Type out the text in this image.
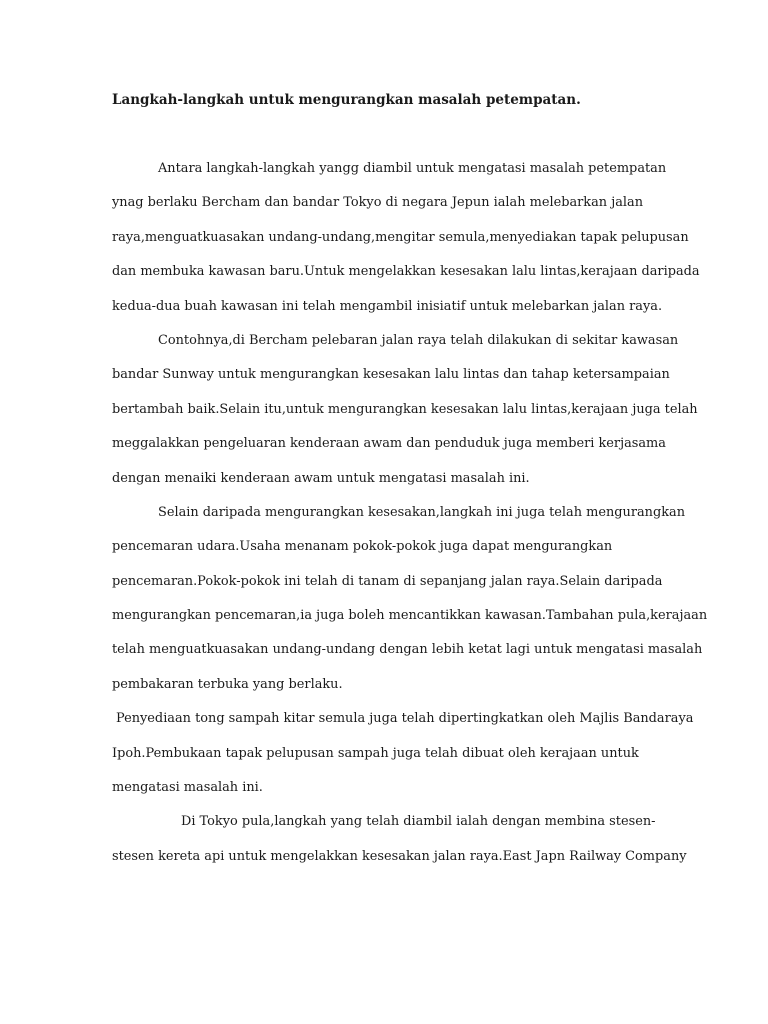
Langkah-langkah untuk mengurangkan masalah petempatan.

Antara langkah-langkah yangg diambil untuk mengatasi masalah petempatan
ynag berlaku Bercham dan bandar Tokyo di negara Jepun ialah melebarkan jalan
raya,menguatkuasakan undang-undang,mengitar semula,menyediakan tapak pelupusan
dan membuka kawasan baru.Untuk mengelakkan kesesakan lalu lintas,kerajaan daripada
kedua-dua buah kawasan ini telah mengambil inisiatif untuk melebarkan jalan raya.
Contohnya,di Bercham pelebaran jalan raya telah dilakukan di sekitar kawasan
bandar Sunway untuk mengurangkan kesesakan lalu lintas dan tahap ketersampaian
bertambah baik.Selain itu,untuk mengurangkan kesesakan lalu lintas,kerajaan juga telah
meggalakkan pengeluaran kenderaan awam dan penduduk juga memberi kerjasama
dengan menaiki kenderaan awam untuk mengatasi masalah ini.
Selain daripada mengurangkan kesesakan,langkah ini juga telah mengurangkan
pencemaran udara.Usaha menanam pokok-pokok juga dapat mengurangkan
pencemaran.Pokok-pokok ini telah di tanam di sepanjang jalan raya.Selain daripada
mengurangkan pencemaran,ia juga boleh mencantikkan kawasan.Tambahan pula,kerajaan
telah menguatkuasakan undang-undang dengan lebih ketat lagi untuk mengatasi masalah
pembakaran terbuka yang berlaku.
Penyediaan tong sampah kitar semula juga telah dipertingkatkan oleh Majlis Bandaraya
Ipoh.Pembukaan tapak pelupusan sampah juga telah dibuat oleh kerajaan untuk
mengatasi masalah ini.
Di Tokyo pula,langkah yang telah diambil ialah dengan membina stesen-
stesen kereta api untuk mengelakkan kesesakan jalan raya.East Japn Railway Company
